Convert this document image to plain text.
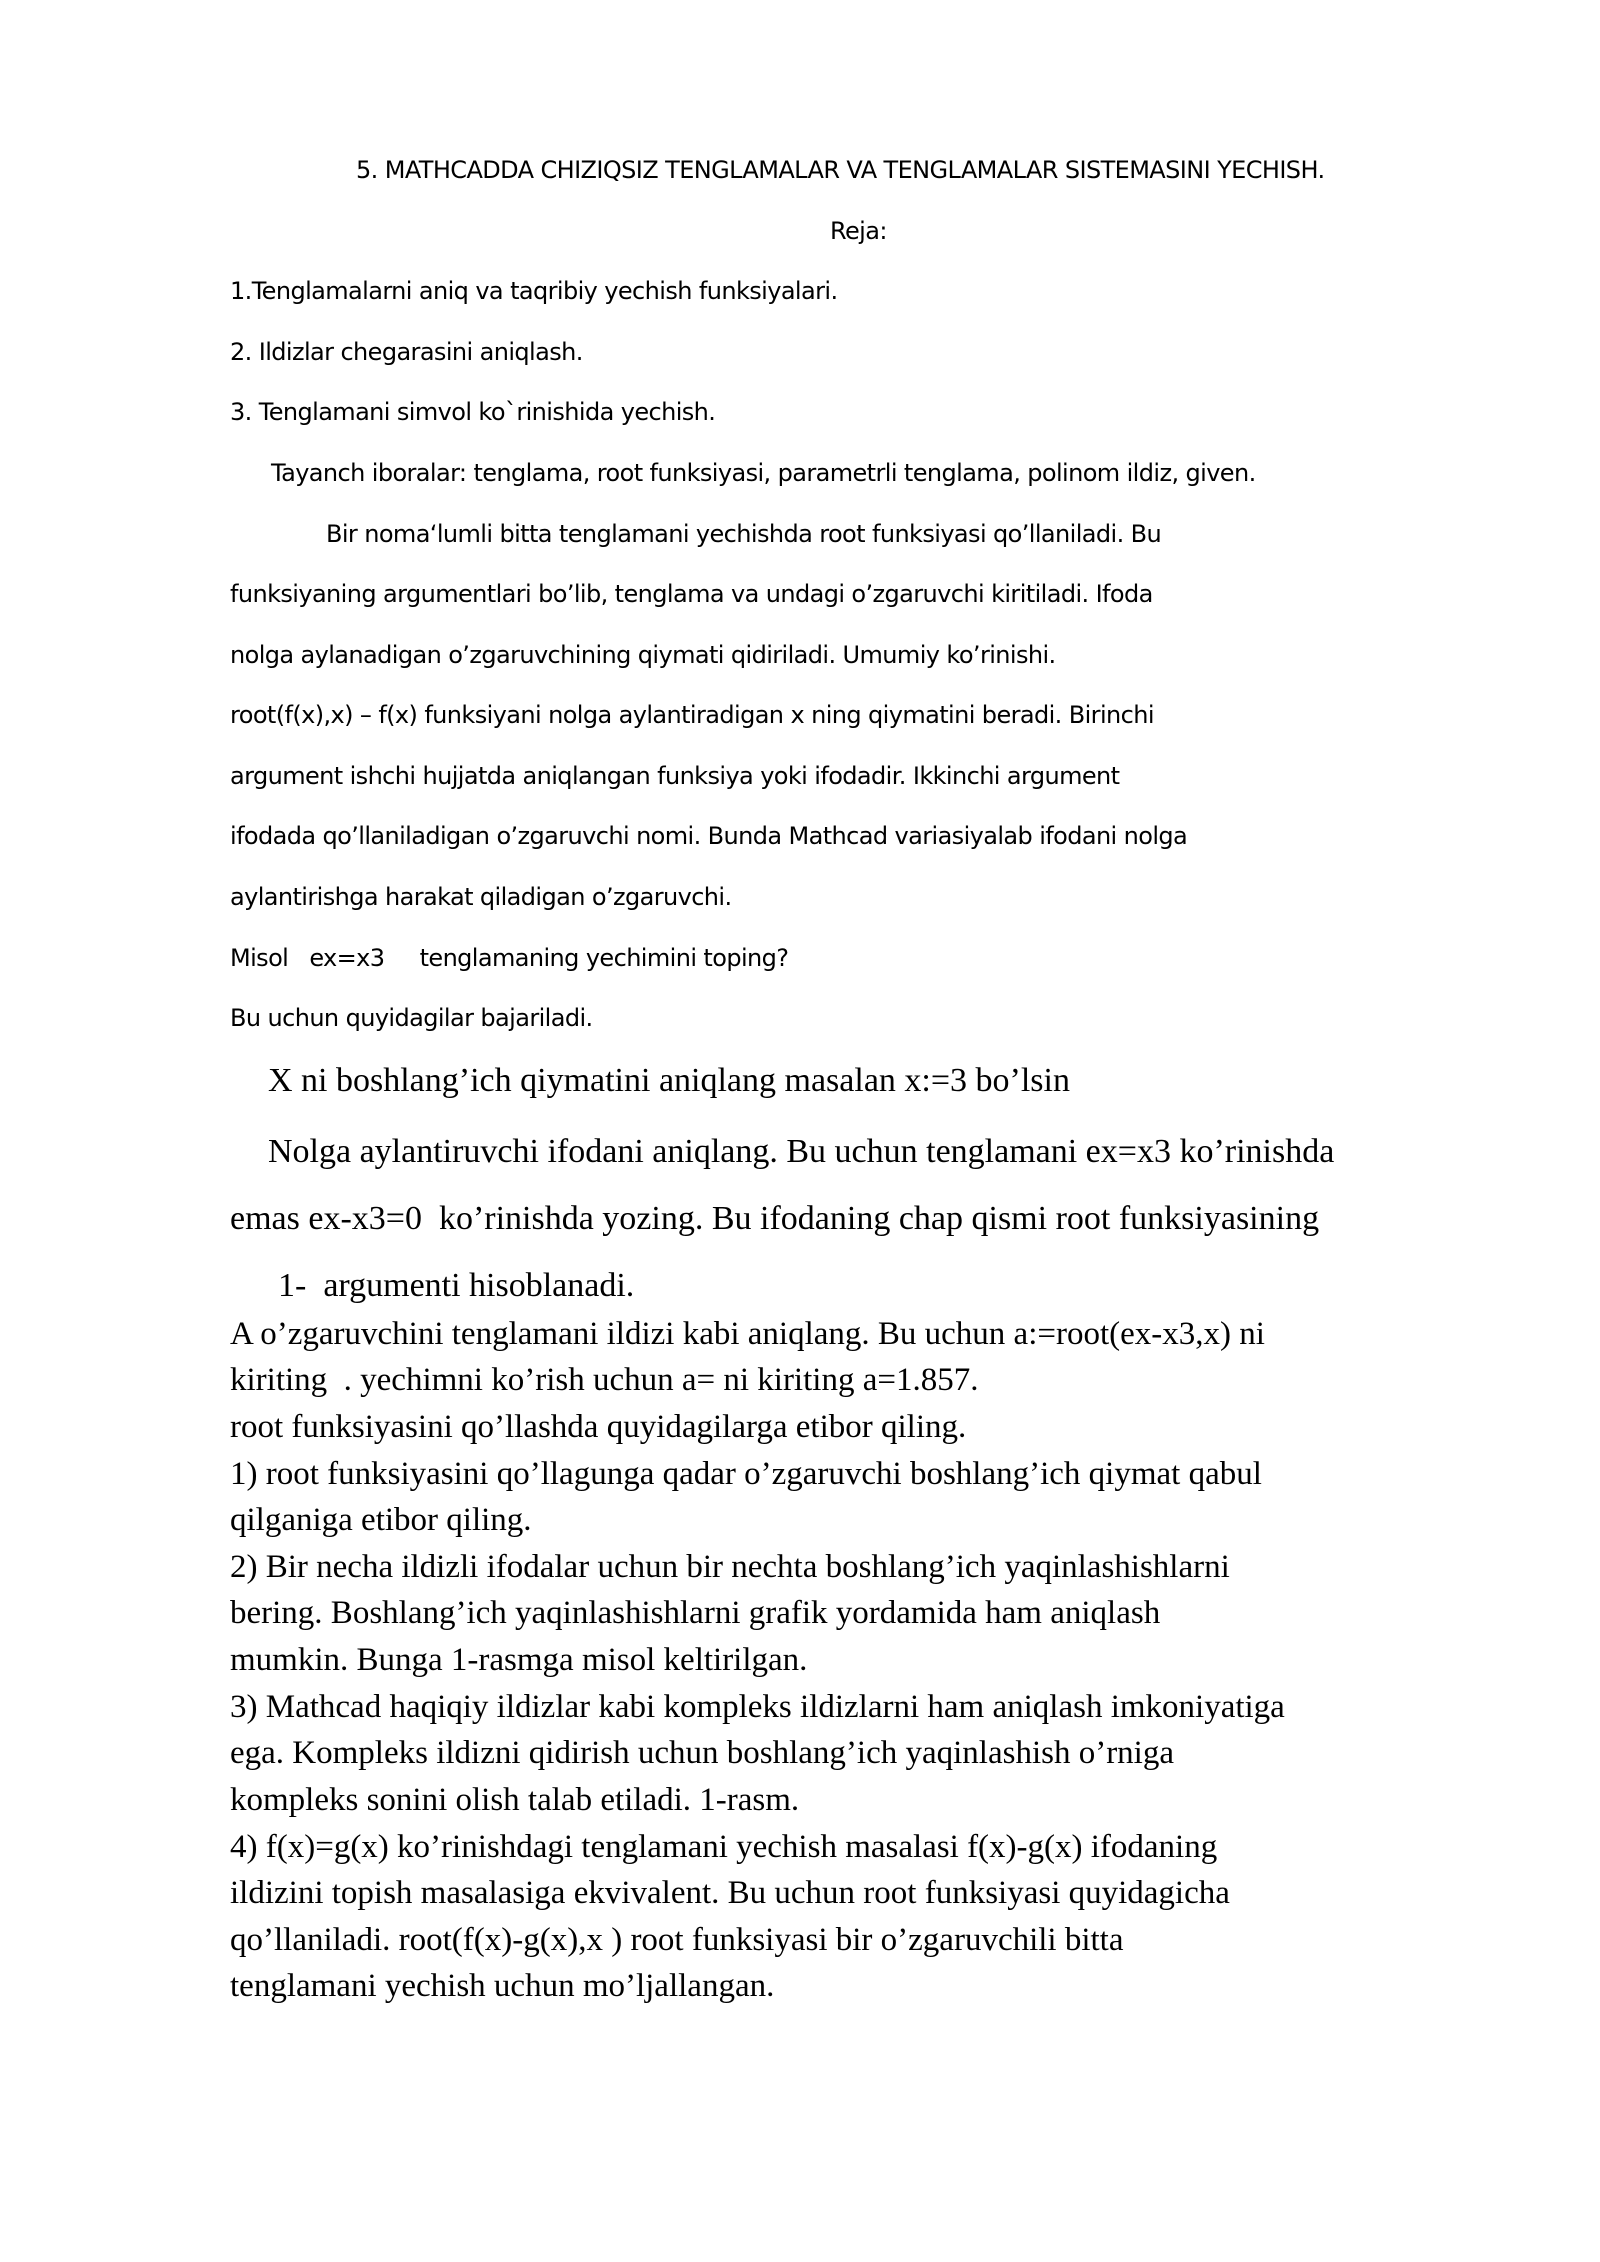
5. MATHCADDA CHIZIQSIZ TENGLAMALAR VA TENGLAMALAR SISTEMASINI YECHISH.
Reja:
1.Tenglamalarni aniq va taqribiy yechish funksiyalari.
2. Ildizlar chegarasini aniqlash.
3. Tenglamani simvol ko`rinishida yechish.
Tayanch iboralar: tenglama, root funksiyasi, parametrli tenglama, polinom ildiz, given.
Bir noma‘lumli bitta tenglamani yechishda root funksiyasi qo’llaniladi. Bu
funksiyaning argumentlari bo’lib, tenglama va undagi o’zgaruvchi kiritiladi. Ifoda
nolga aylanadigan o’zgaruvchining qiymati qidiriladi. Umumiy ko’rinishi.
root(f(x),x) – f(x) funksiyani nolga aylantiradigan x ning qiymatini beradi. Birinchi
argument ishchi hujjatda aniqlangan funksiya yoki ifodadir. Ikkinchi argument
ifodada qo’llaniladigan o’zgaruvchi nomi. Bunda Mathcad variasiyalab ifodani nolga
aylantirishga harakat qiladigan o’zgaruvchi.
Misol   ex=x3     tenglamaning yechimini toping?
Bu uchun quyidagilar bajariladi.
X ni boshlang’ich qiymatini aniqlang masalan x:=3 bo’lsin
Nolga aylantiruvchi ifodani aniqlang. Bu uchun tenglamani ex=x3 ko’rinishda
emas ex-x3=0  ko’rinishda yozing. Bu ifodaning chap qismi root funksiyasining
1-  argumenti hisoblanadi.
A o’zgaruvchini tenglamani ildizi kabi aniqlang. Bu uchun a:=root(ex-x3,x) ni
kiriting  . yechimni ko’rish uchun a= ni kiriting a=1.857.
root funksiyasini qo’llashda quyidagilarga etibor qiling.
1) root funksiyasini qo’llagunga qadar o’zgaruvchi boshlang’ich qiymat qabul
qilganiga etibor qiling.
2) Bir necha ildizli ifodalar uchun bir nechta boshlang’ich yaqinlashishlarni
bering. Boshlang’ich yaqinlashishlarni grafik yordamida ham aniqlash
mumkin. Bunga 1-rasmga misol keltirilgan.
3) Mathcad haqiqiy ildizlar kabi kompleks ildizlarni ham aniqlash imkoniyatiga
ega. Kompleks ildizni qidirish uchun boshlang’ich yaqinlashish o’rniga
kompleks sonini olish talab etiladi. 1-rasm.
4) f(x)=g(x) ko’rinishdagi tenglamani yechish masalasi f(x)-g(x) ifodaning
ildizini topish masalasiga ekvivalent. Bu uchun root funksiyasi quyidagicha
qo’llaniladi. root(f(x)-g(x),x ) root funksiyasi bir o’zgaruvchili bitta
tenglamani yechish uchun mo’ljallangan.
